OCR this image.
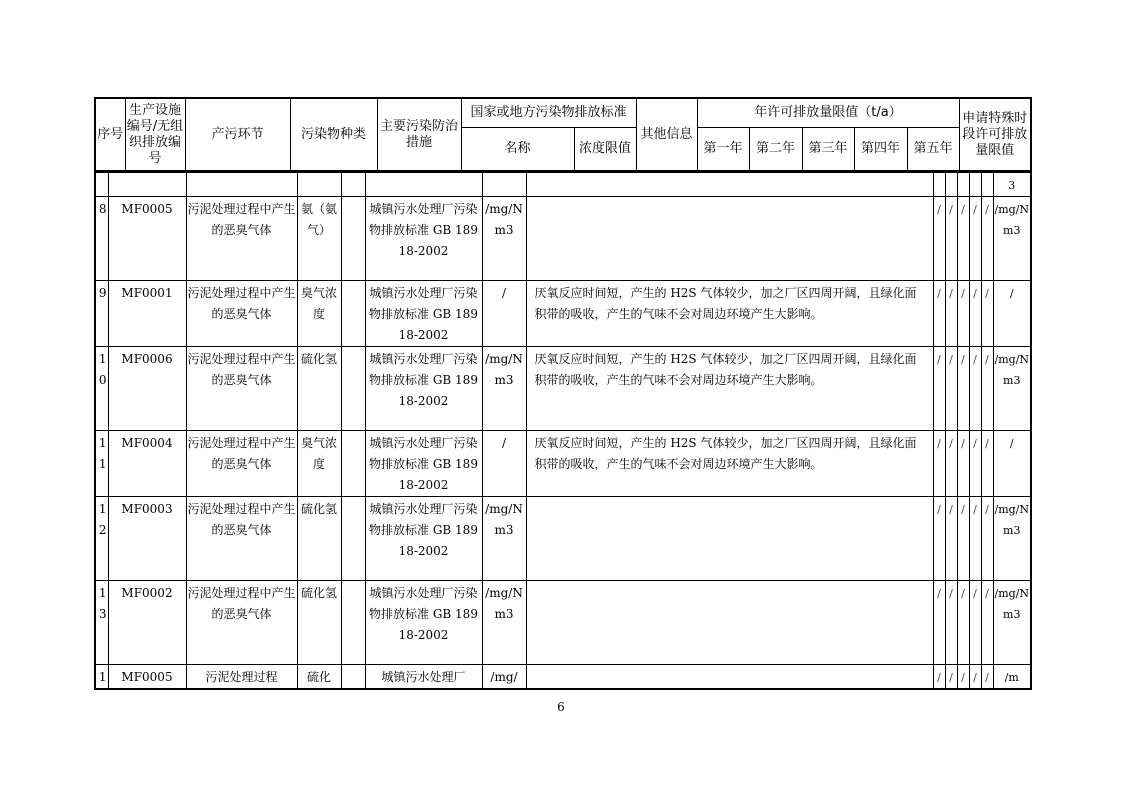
序号	生产设施编号/无组织排放编号	产污环节	污染物种类	主要污染防治措施	国家或地方污染物排放标准		其他信息	年许可排放量限值（t/a）					申请特殊时段许可排放量限值
					名称	浓度限值		第一年	第二年	第三年	第四年	第五年	
													3
8	MF0005	污泥处理过程中产生的恶臭气体	氨（氨气）		城镇污水处理厂污染物排放标准 GB 18918-2002	/mg/Nm3		/	/	/	/	/	/mg/Nm3
9	MF0001	污泥处理过程中产生的恶臭气体	臭气浓度		城镇污水处理厂污染物排放标准 GB 18918-2002	/	厌氧反应时间短，产生的 H2S 气体较少，加之厂区四周开阔，且绿化面积带的吸收，产生的气味不会对周边环境产生大影响。	/	/	/	/	/	/
10	MF0006	污泥处理过程中产生的恶臭气体	硫化氢		城镇污水处理厂污染物排放标准 GB 18918-2002	/mg/Nm3	厌氧反应时间短，产生的 H2S 气体较少，加之厂区四周开阔，且绿化面积带的吸收，产生的气味不会对周边环境产生大影响。	/	/	/	/	/	/mg/Nm3
11	MF0004	污泥处理过程中产生的恶臭气体	臭气浓度		城镇污水处理厂污染物排放标准 GB 18918-2002	/	厌氧反应时间短，产生的 H2S 气体较少，加之厂区四周开阔，且绿化面积带的吸收，产生的气味不会对周边环境产生大影响。	/	/	/	/	/	/
12	MF0003	污泥处理过程中产生的恶臭气体	硫化氢		城镇污水处理厂污染物排放标准 GB 18918-2002	/mg/Nm3		/	/	/	/	/	/mg/Nm3
13	MF0002	污泥处理过程中产生的恶臭气体	硫化氢		城镇污水处理厂污染物排放标准 GB 18918-2002	/mg/Nm3		/	/	/	/	/	/mg/Nm3
1	MF0005	污泥处理过程	硫化		城镇污水处理厂	/mg/		/	/	/	/	/	/m
6
